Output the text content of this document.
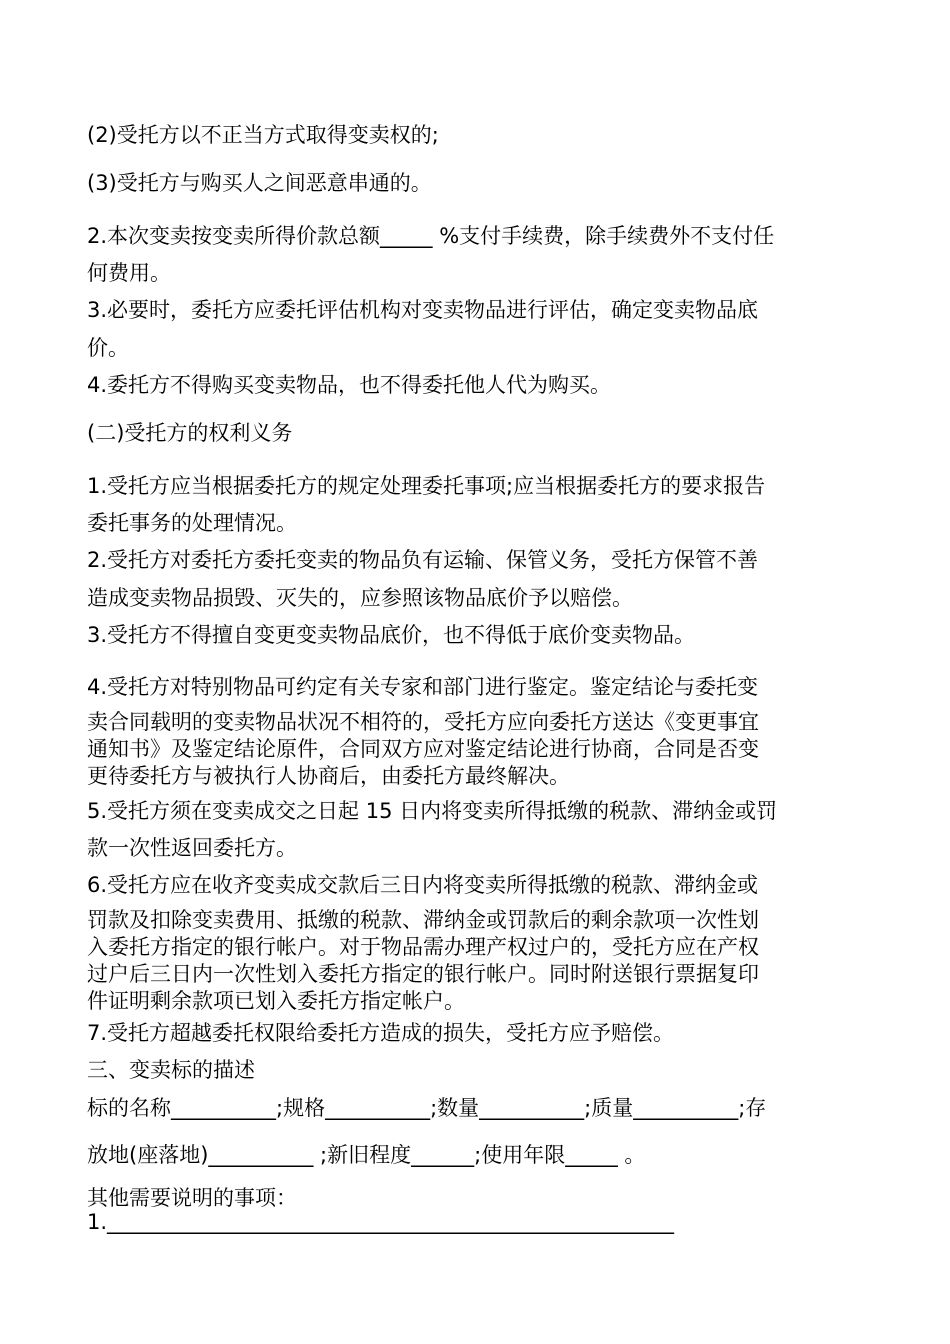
(2)受托方以不正当方式取得变卖权的;

(3)受托方与购买人之间恶意串通的。

2.本次变卖按变卖所得价款总额_____ %支付手续费，除手续费外不支付任

何费用。

3.必要时，委托方应委托评估机构对变卖物品进行评估，确定变卖物品底

价。

4.委托方不得购买变卖物品，也不得委托他人代为购买。

(二)受托方的权利义务

1.受托方应当根据委托方的规定处理委托事项;应当根据委托方的要求报告

委托事务的处理情况。

2.受托方对委托方委托变卖的物品负有运输、保管义务，受托方保管不善

造成变卖物品损毁、灭失的，应参照该物品底价予以赔偿。

3.受托方不得擅自变更变卖物品底价，也不得低于底价变卖物品。

4.受托方对特别物品可约定有关专家和部门进行鉴定。鉴定结论与委托变

卖合同载明的变卖物品状况不相符的，受托方应向委托方送达《变更事宜

通知书》及鉴定结论原件，合同双方应对鉴定结论进行协商，合同是否变

更待委托方与被执行人协商后，由委托方最终解决。

5.受托方须在变卖成交之日起 15 日内将变卖所得抵缴的税款、滞纳金或罚

款一次性返回委托方。

6.受托方应在收齐变卖成交款后三日内将变卖所得抵缴的税款、滞纳金或

罚款及扣除变卖费用、抵缴的税款、滞纳金或罚款后的剩余款项一次性划

入委托方指定的银行帐户。对于物品需办理产权过户的，受托方应在产权

过户后三日内一次性划入委托方指定的银行帐户。同时附送银行票据复印

件证明剩余款项已划入委托方指定帐户。

7.受托方超越委托权限给委托方造成的损失，受托方应予赔偿。

三、变卖标的描述

标的名称__________;规格__________;数量__________;质量__________;存

放地(座落地)__________ ;新旧程度______;使用年限_____ 。

其他需要说明的事项：

1.______________________________________________________
